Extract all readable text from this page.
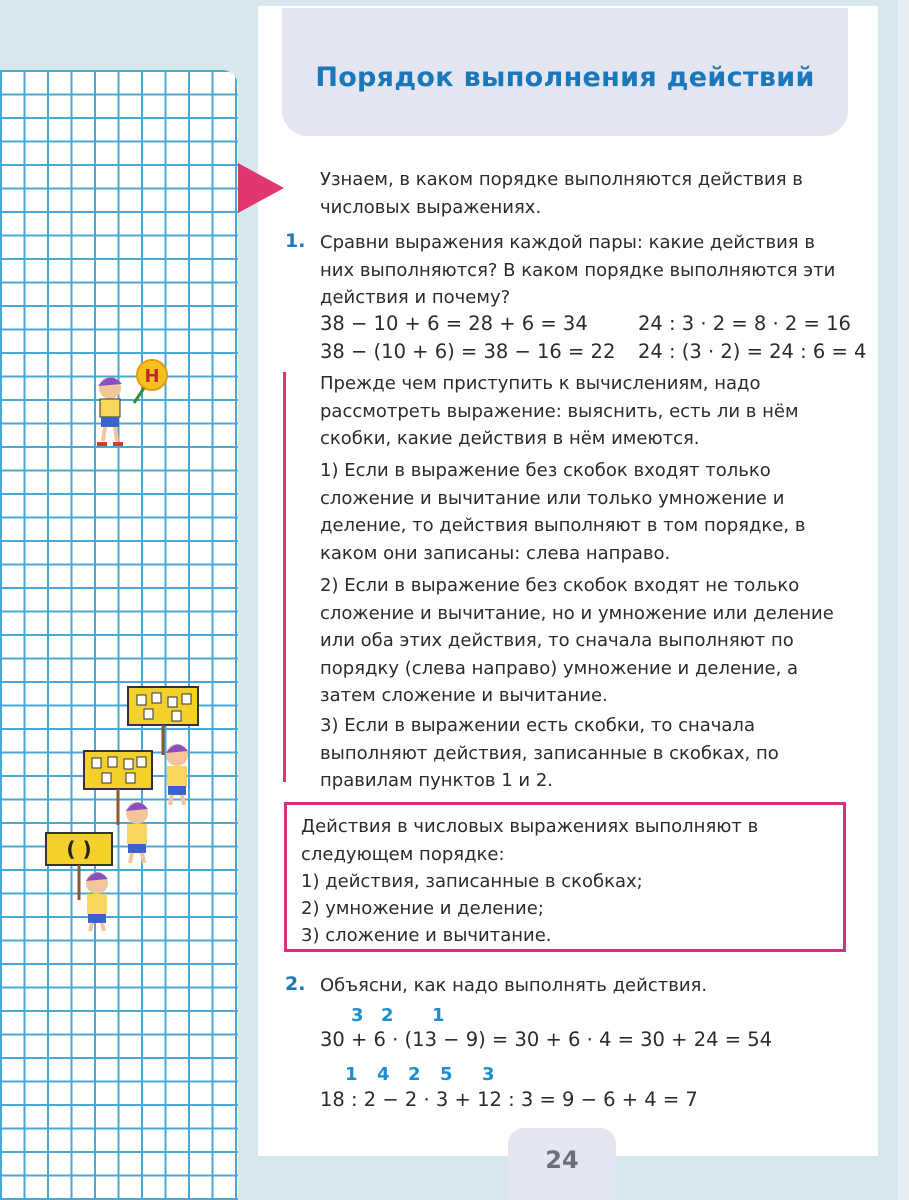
Н
( )
Порядок выполнения действий
Узнаем, в каком порядке выполняются действия в числовых выражениях.
1. Сравни выражения каждой пары: какие действия в них выполняются? В каком порядке выполняются эти действия и почему?
38 − 10 + 6 = 28 + 6 = 34
38 − (10 + 6) = 38 − 16 = 22
24 : 3 · 2 = 8 · 2 = 16
24 : (3 · 2) = 24 : 6 = 4
Прежде чем приступить к вычислениям, надо рассмотреть выражение: выяснить, есть ли в нём скобки, какие действия в нём имеются.
1) Если в выражение без скобок входят только сложение и вычитание или только умножение и деление, то действия выполняют в том порядке, в каком они записаны: слева направо.
2) Если в выражение без скобок входят не только сложение и вычитание, но и умножение или деление или оба этих действия, то сначала выполняют по порядку (слева направо) умножение и деление, а затем сложение и вычитание.
3) Если в выражении есть скобки, то сначала выполняют действия, записанные в скобках, по правилам пунктов 1 и 2.
Действия в числовых выражениях выполняют в следующем порядке:
1) действия, записанные в скобках;
2) умножение и деление;
3) сложение и вычитание.
2. Объясни, как надо выполнять действия.
3 2 1
30 + 6 · (13 − 9) = 30 + 6 · 4 = 30 + 24 = 54
1 4 2 5 3
18 : 2 − 2 · 3 + 12 : 3 = 9 − 6 + 4 = 7
24
